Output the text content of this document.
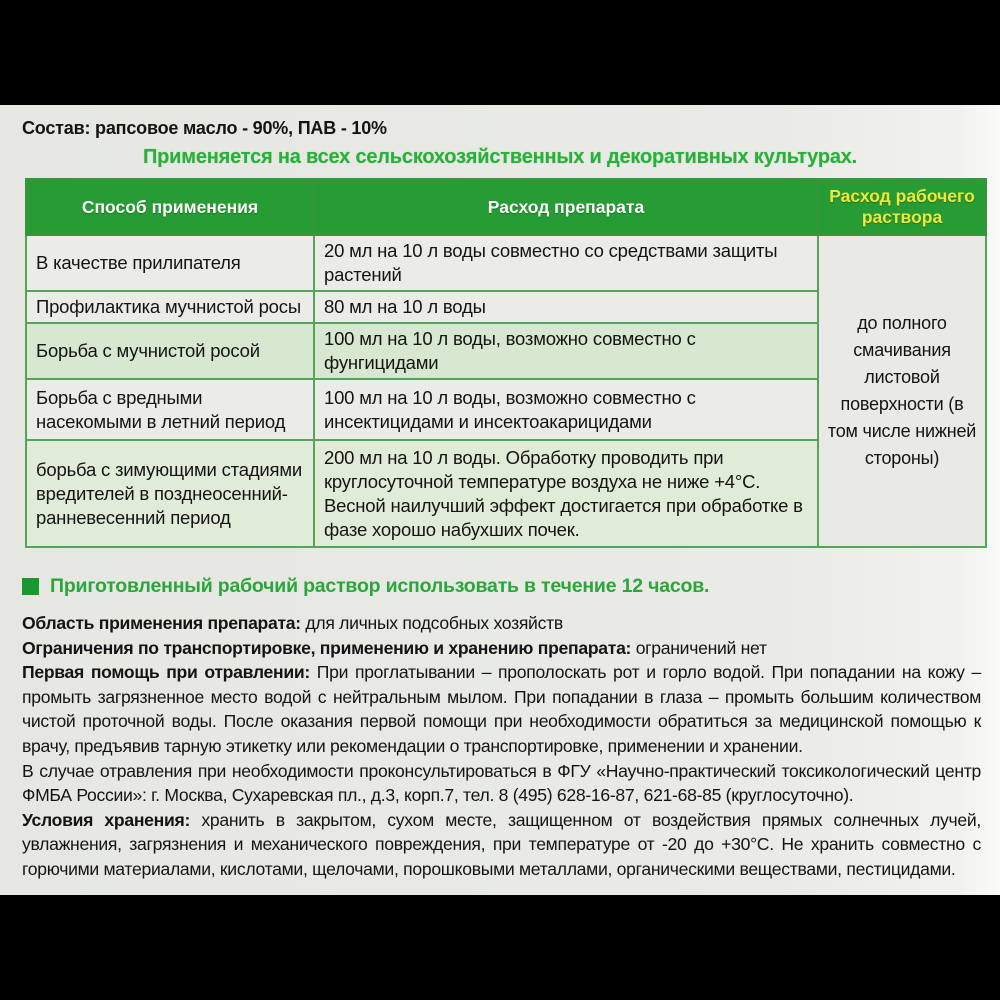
Состав: рапсовое масло - 90%, ПАВ - 10%
Применяется на всех сельскохозяйственных и декоративных культурах.
Способ применения	Расход препарата	Расход рабочего раствора
В качестве прилипателя	20 мл на 10 л воды совместно со средствами защиты растений	до полного смачивания листовой поверхности (в том числе нижней стороны)
Профилактика мучнистой росы	80 мл на 10 л воды	
Борьба с мучнистой росой	100 мл на 10 л воды, возможно совместно с фунгицидами	
Борьба с вредными насекомыми в летний период	100 мл на 10 л воды, возможно совместно с инсектицидами и инсектоакарицидами	
борьба с зимующими стадиями вредителей в позднеосенний-ранневесенний период	200 мл на 10 л воды. Обработку проводить при круглосуточной температуре воздуха не ниже +4°С. Весной наилучший эффект достигается при обработке в фазе хорошо набухших почек.	
Приготовленный рабочий раствор использовать в течение 12 часов.

Область применения препарата: для личных подсобных хозяйств

Ограничения по транспортировке, применению и хранению препарата: ограничений нет

Первая помощь при отравлении: При проглатывании – прополоскать рот и горло водой. При попадании на кожу – промыть загрязненное место водой с нейтральным мылом. При попадании в глаза – промыть большим количеством чистой проточной воды. После оказания первой помощи при необходимости обратиться за медицинской помощью к врачу, предъявив тарную этикетку или рекомендации о транспортировке, применении и хранении.

В случае отравления при необходимости проконсультироваться в ФГУ «Научно-практический токсикологический центр ФМБА России»: г. Москва, Сухаревская пл., д.3, корп.7, тел. 8 (495) 628-16-87, 621-68-85 (круглосуточно).

Условия хранения: хранить в закрытом, сухом месте, защищенном от воздействия прямых солнечных лучей, увлажнения, загрязнения и механического повреждения, при температуре от -20 до +30°С. Не хранить совместно с горючими материалами, кислотами, щелочами, порошковыми металлами, органическими веществами, пестицидами.
